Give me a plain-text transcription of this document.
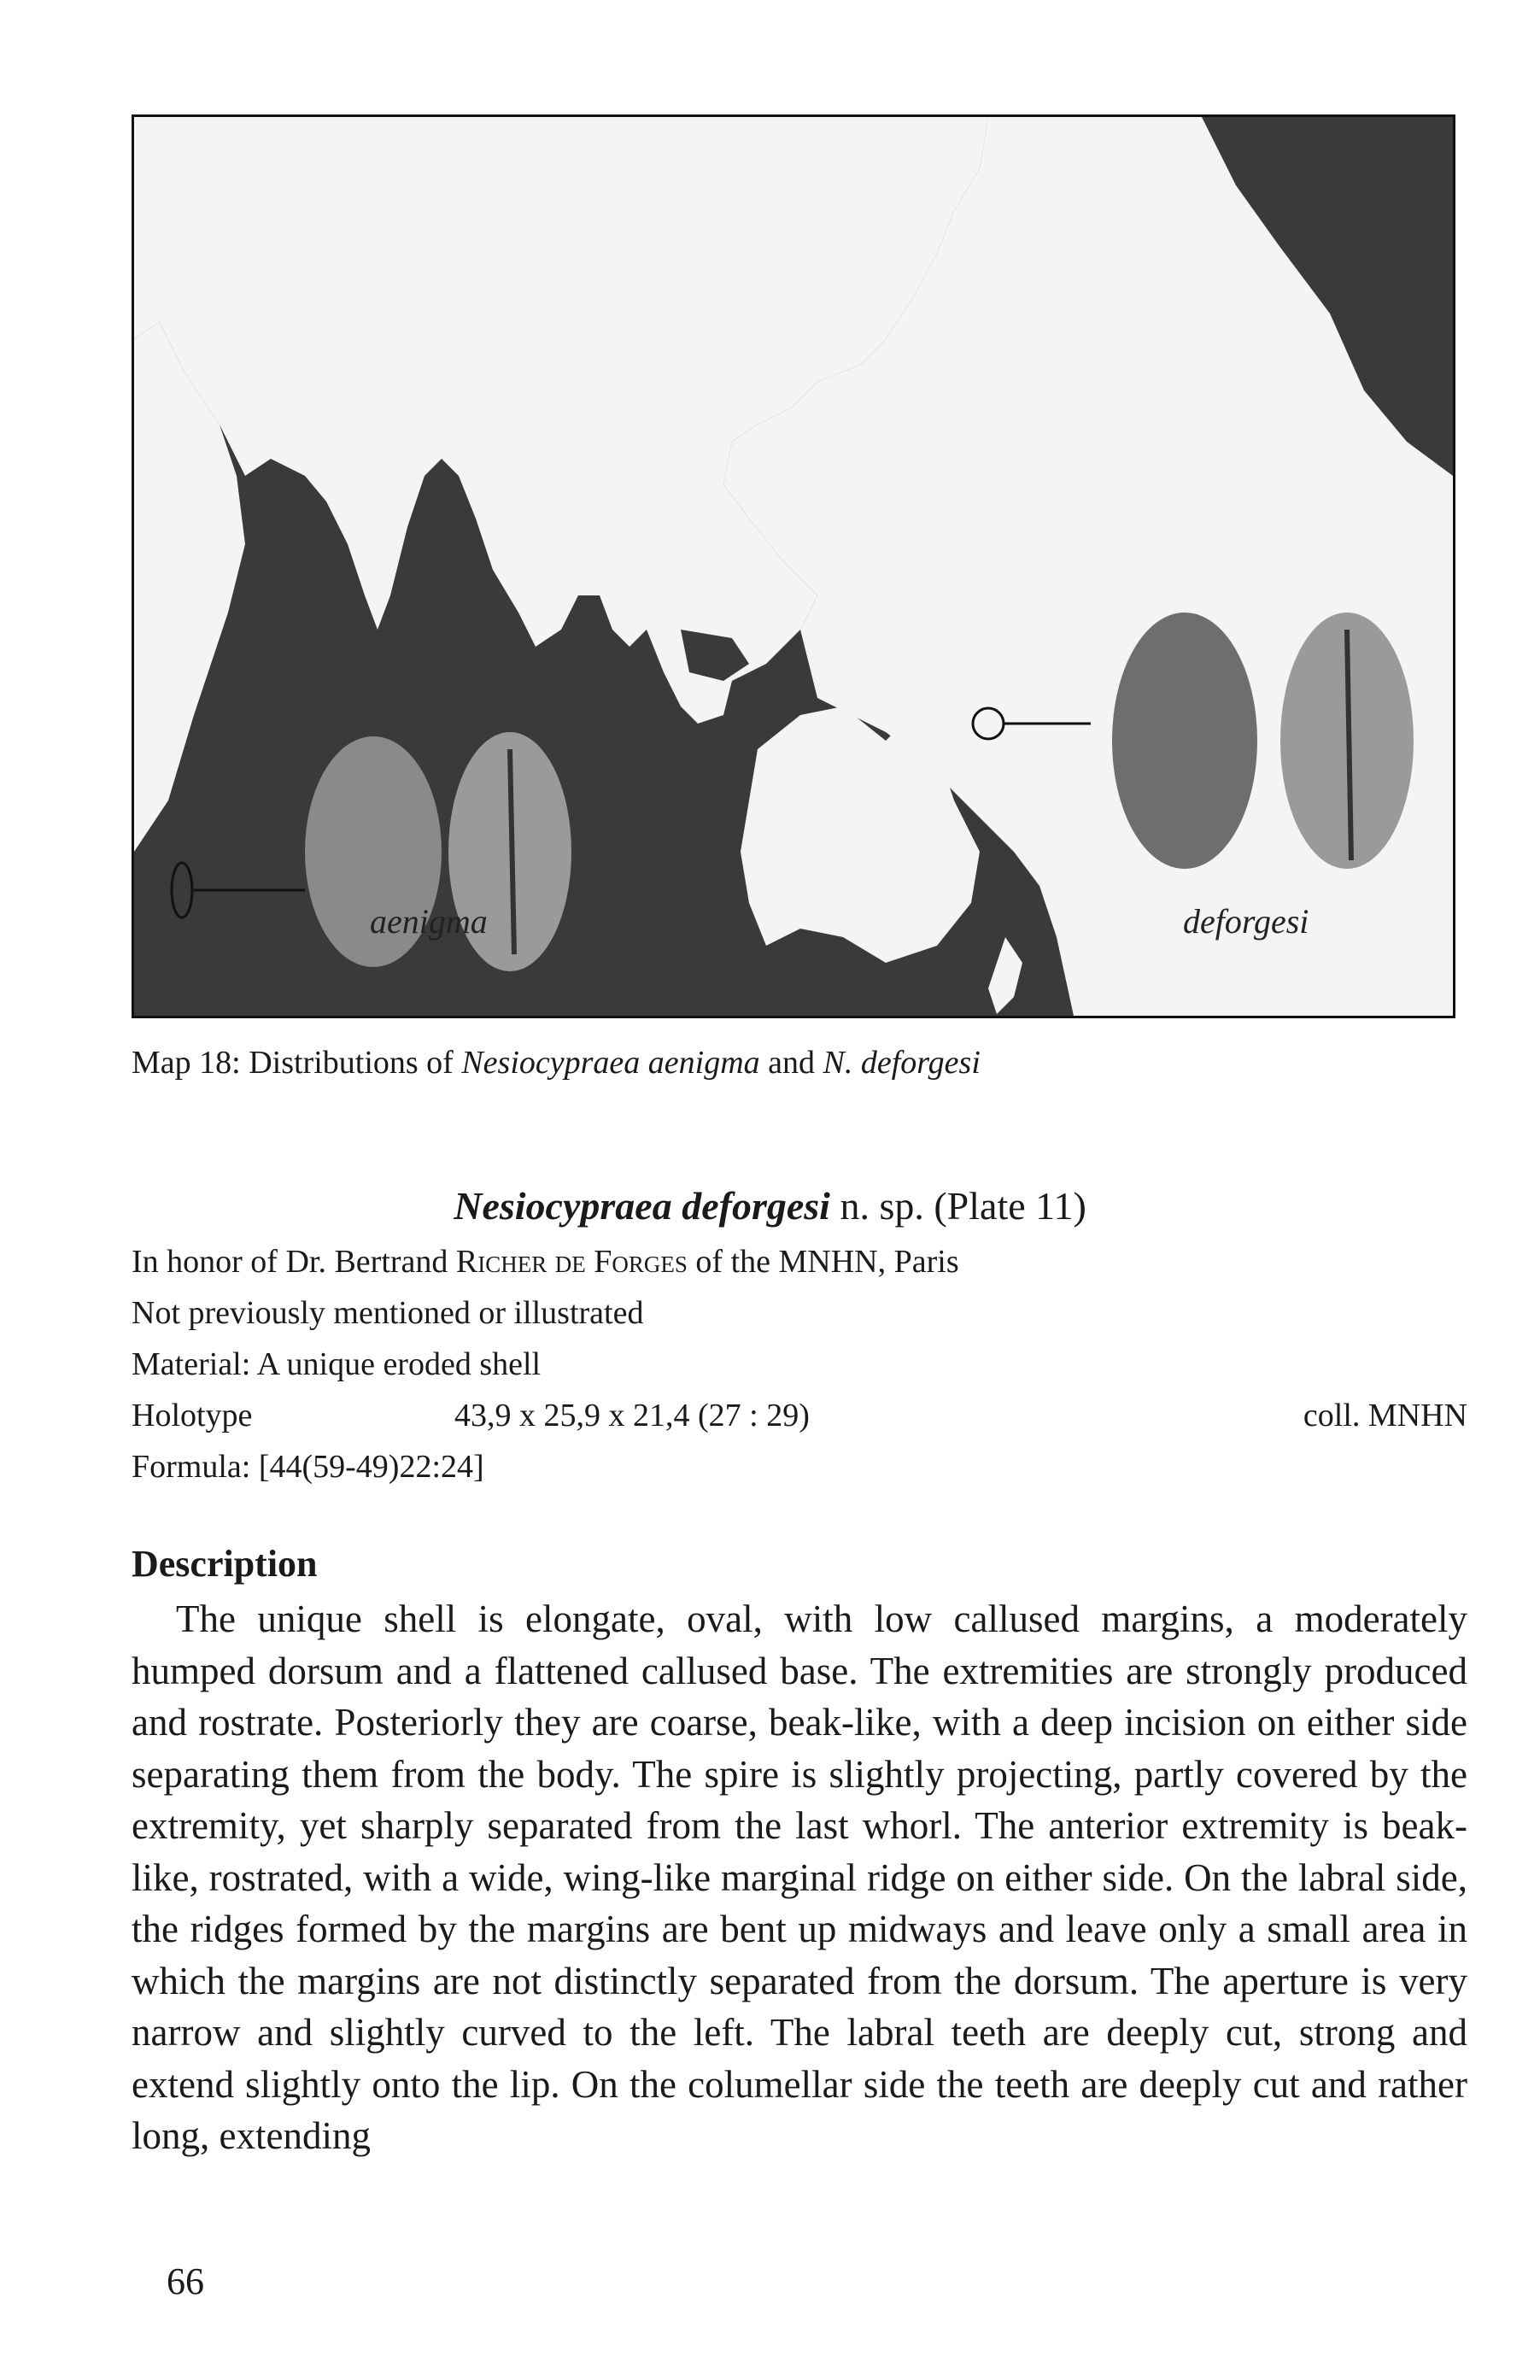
aenigma	deforgesi
Map 18: Distributions of Nesiocypraea aenigma and N. deforgesi
Nesiocypraea deforgesi n. sp. (Plate 11)
In honor of Dr. Bertrand Richer de Forges of the MNHN, Paris
Not previously mentioned or illustrated
Material: A unique eroded shell
Holotype	43,9 x 25,9 x 21,4 (27 : 29)	coll. MNHN
Formula: [44(59-49)22:24]
Description
The unique shell is elongate, oval, with low callused margins, a moderately humped dorsum and a flattened callused base. The extremities are strongly produced and rostrate. Posteriorly they are coarse, beak-like, with a deep incision on either side separating them from the body. The spire is slightly projecting, partly covered by the extremity, yet sharply separated from the last whorl. The anterior extremity is beak-like, rostrated, with a wide, wing-like marginal ridge on either side. On the labral side, the ridges formed by the margins are bent up midways and leave only a small area in which the margins are not distinctly separated from the dorsum. The aperture is very narrow and slightly curved to the left. The labral teeth are deeply cut, strong and extend slightly onto the lip. On the columellar side the teeth are deeply cut and rather long, extending
66
